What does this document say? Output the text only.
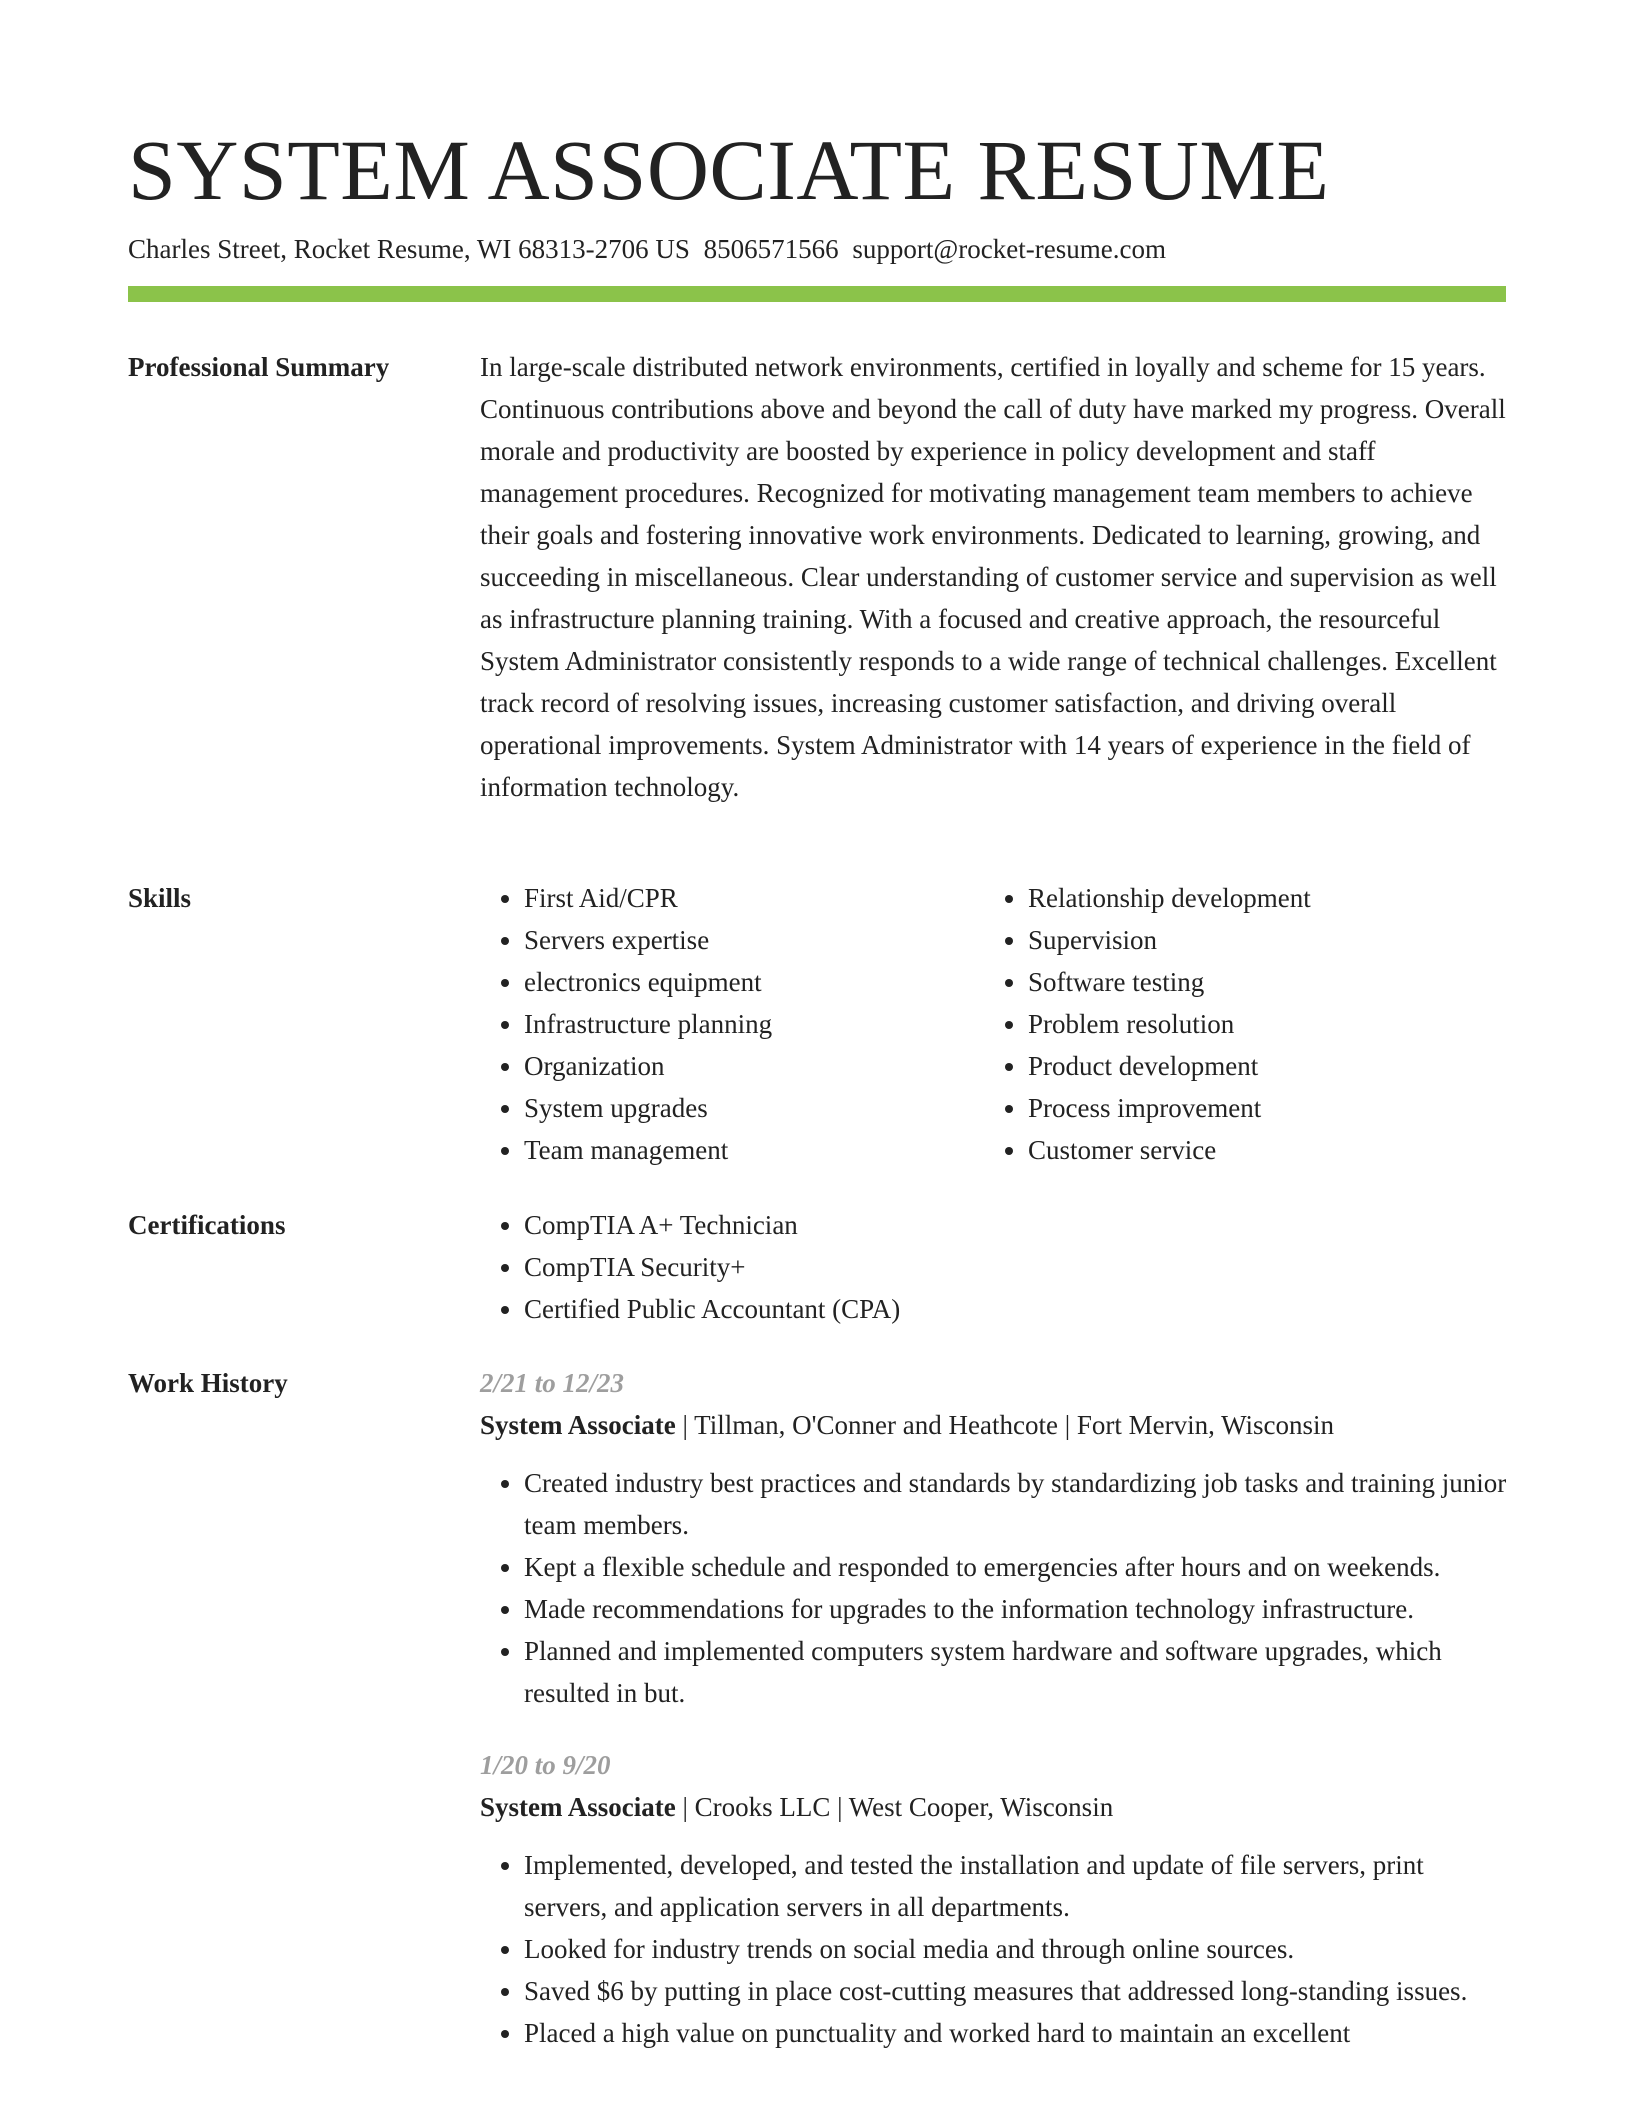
SYSTEM ASSOCIATE RESUME
Charles Street, Rocket Resume, WI 68313-2706 US 8506571566 support@rocket-resume.com
Professional Summary	In large-scale distributed network environments, certified in loyally and scheme for 15 years. Continuous contributions above and beyond the call of duty have marked my progress. Overall morale and productivity are boosted by experience in policy development and staff management procedures. Recognized for motivating management team members to achieve their goals and fostering innovative work environments. Dedicated to learning, growing, and succeeding in miscellaneous. Clear understanding of customer service and supervision as well as infrastructure planning training. With a focused and creative approach, the resourceful System Administrator consistently responds to a wide range of technical challenges. Excellent track record of resolving issues, increasing customer satisfaction, and driving overall operational improvements. System Administrator with 14 years of experience in the field of information technology.

Skills	• First Aid/CPR
• Servers expertise
• electronics equipment
• Infrastructure planning
• Organization
• System upgrades
• Team management
• Relationship development
• Supervision
• Software testing
• Problem resolution
• Product development
• Process improvement
• Customer service
Certifications	• CompTIA A+ Technician
• CompTIA Security+
• Certified Public Accountant (CPA)
Work History	2/21 to 12/23
System Associate | Tillman, O'Conner and Heathcote | Fort Mervin, Wisconsin
• Created industry best practices and standards by standardizing job tasks and training junior team members.
• Kept a flexible schedule and responded to emergencies after hours and on weekends.
• Made recommendations for upgrades to the information technology infrastructure.
• Planned and implemented computers system hardware and software upgrades, which resulted in but.
1/20 to 9/20
System Associate | Crooks LLC | West Cooper, Wisconsin
• Implemented, developed, and tested the installation and update of file servers, print servers, and application servers in all departments.
• Looked for industry trends on social media and through online sources.
• Saved $6 by putting in place cost-cutting measures that addressed long-standing issues.
• Placed a high value on punctuality and worked hard to maintain an excellent
